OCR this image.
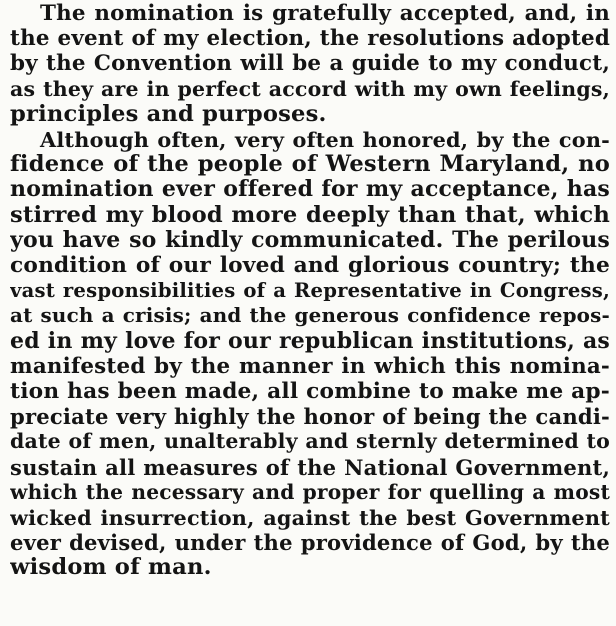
The nomination is gratefully accepted, and, in
the event of my election, the resolutions adopted
by the Convention will be a guide to my conduct,
as they are in perfect accord with my own feelings,
principles and purposes.

Although often, very often honored, by the con-
fidence of the people of Western Maryland, no
nomination ever offered for my acceptance, has
stirred my blood more deeply than that, which
you have so kindly communicated. The perilous
condition of our loved and glorious country; the
vast responsibilities of a Representative in Congress,
at such a crisis; and the generous confidence repos-
ed in my love for our republican institutions, as
manifested by the manner in which this nomina-
tion has been made, all combine to make me ap-
preciate very highly the honor of being the candi-
date of men, unalterably and sternly determined to
sustain all measures of the National Government,
which the necessary and proper for quelling a most
wicked insurrection, against the best Government
ever devised, under the providence of God, by the
wisdom of man.
